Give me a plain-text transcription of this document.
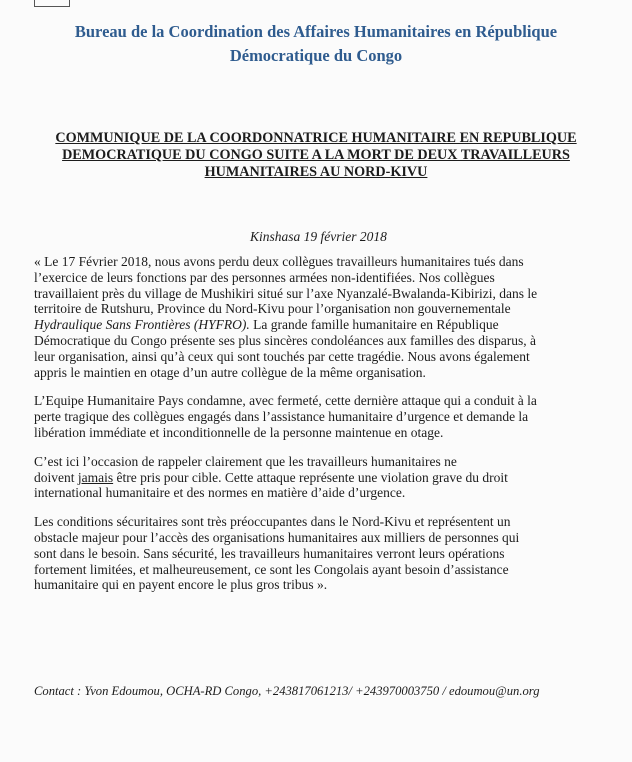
Bureau de la Coordination des Affaires Humanitaires en République
Démocratique du Congo
COMMUNIQUE DE LA COORDONNATRICE HUMANITAIRE EN REPUBLIQUE
DEMOCRATIQUE DU CONGO SUITE A LA MORT DE DEUX TRAVAILLEURS
HUMANITAIRES AU NORD-KIVU
Kinshasa 19 février 2018
« Le 17 Février 2018, nous avons perdu deux collègues travailleurs humanitaires tués dans
l’exercice de leurs fonctions par des personnes armées non-identifiées. Nos collègues
travaillaient près du village de Mushikiri situé sur l’axe Nyanzalé-Bwalanda-Kibirizi, dans le
territoire de Rutshuru, Province du Nord-Kivu pour l’organisation non gouvernementale
Hydraulique Sans Frontières (HYFRO). La grande famille humanitaire en République
Démocratique du Congo présente ses plus sincères condoléances aux familles des disparus, à
leur organisation, ainsi qu’à ceux qui sont touchés par cette tragédie. Nous avons également
appris le maintien en otage d’un autre collègue de la même organisation.
L’Equipe Humanitaire Pays condamne, avec fermeté, cette dernière attaque qui a conduit à la
perte tragique des collègues engagés dans l’assistance humanitaire d’urgence et demande la
libération immédiate et inconditionnelle de la personne maintenue en otage.
C’est ici l’occasion de rappeler clairement que les travailleurs humanitaires ne
doivent jamais être pris pour cible. Cette attaque représente une violation grave du droit
international humanitaire et des normes en matière d’aide d’urgence.
Les conditions sécuritaires sont très préoccupantes dans le Nord-Kivu et représentent un
obstacle majeur pour l’accès des organisations humanitaires aux milliers de personnes qui
sont dans le besoin. Sans sécurité, les travailleurs humanitaires verront leurs opérations
fortement limitées, et malheureusement, ce sont les Congolais ayant besoin d’assistance
humanitaire qui en payent encore le plus gros tribus ».
Contact : Yvon Edoumou, OCHA-RD Congo, +243817061213/ +243970003750 / edoumou@un.org
